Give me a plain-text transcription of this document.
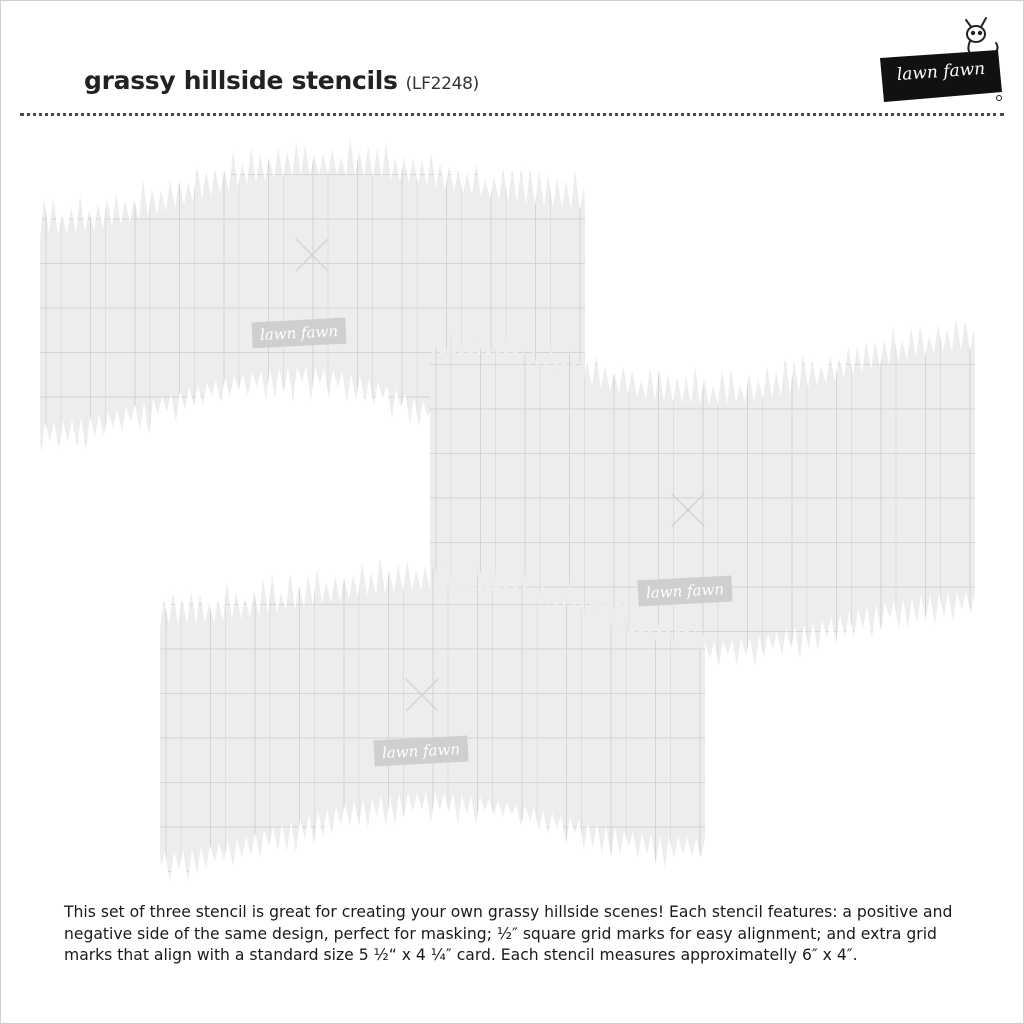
grassy hillside stencils (LF2248)	lawn fawn
lawn fawn
lawn fawn
lawn fawn

This set of three stencil is great for creating your own grassy hillside scenes! Each stencil features: a positive and negative side of the same design, perfect for masking; ½″ square grid marks for easy alignment; and extra grid marks that align with a standard size 5 ½“ x 4 ¼″ card. Each stencil measures approximatelly 6″ x 4″.
